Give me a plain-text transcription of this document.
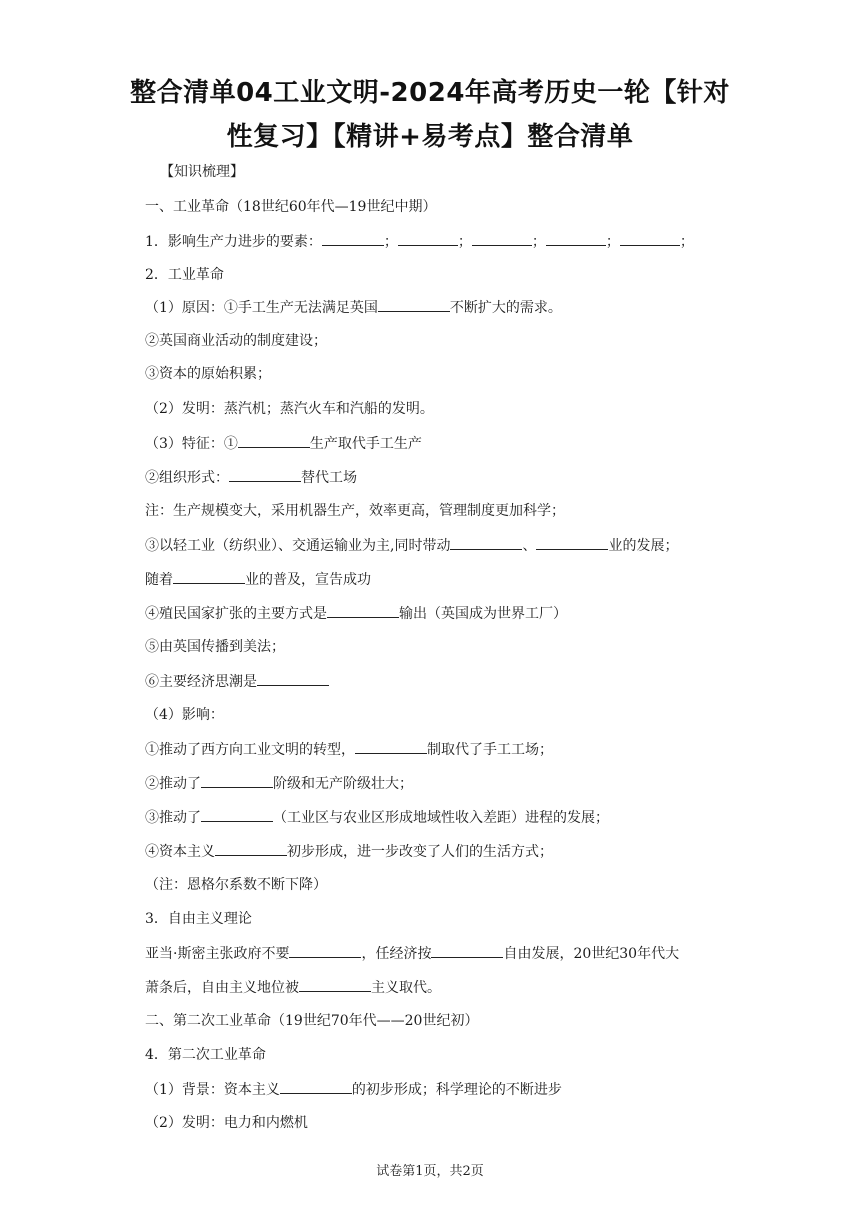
整合清单04工业文明-2024年高考历史一轮【针对
性复习】【精讲+易考点】整合清单
【知识梳理】
一、工业革命（18世纪60年代—19世纪中期）
1．影响生产力进步的要素：	；	；	；	；	；
2．工业革命
（1）原因：①手工生产无法满足英国	不断扩大的需求。
②英国商业活动的制度建设；
③资本的原始积累；
（2）发明：蒸汽机；蒸汽火车和汽船的发明。
（3）特征：①	生产取代手工生产
②组织形式：	替代工场
注：生产规模变大，采用机器生产，效率更高，管理制度更加科学；
③以轻工业（纺织业）、交通运输业为主,同时带动	、	业的发展；
随着	业的普及，宣告成功
④殖民国家扩张的主要方式是	输出（英国成为世界工厂）
⑤由英国传播到美法；
⑥主要经济思潮是
（4）影响：
①推动了西方向工业文明的转型，	制取代了手工工场；
②推动了	阶级和无产阶级壮大；
③推动了	（工业区与农业区形成地域性收入差距）进程的发展；
④资本主义	初步形成，进一步改变了人们的生活方式；
（注：恩格尔系数不断下降）
3．自由主义理论
亚当·斯密主张政府不要	，任经济按	自由发展，20世纪30年代大
萧条后，自由主义地位被	主义取代。
二、第二次工业革命（19世纪70年代——20世纪初）
4．第二次工业革命
（1）背景：资本主义	的初步形成；科学理论的不断进步
（2）发明：电力和内燃机
试卷第1页，共2页
